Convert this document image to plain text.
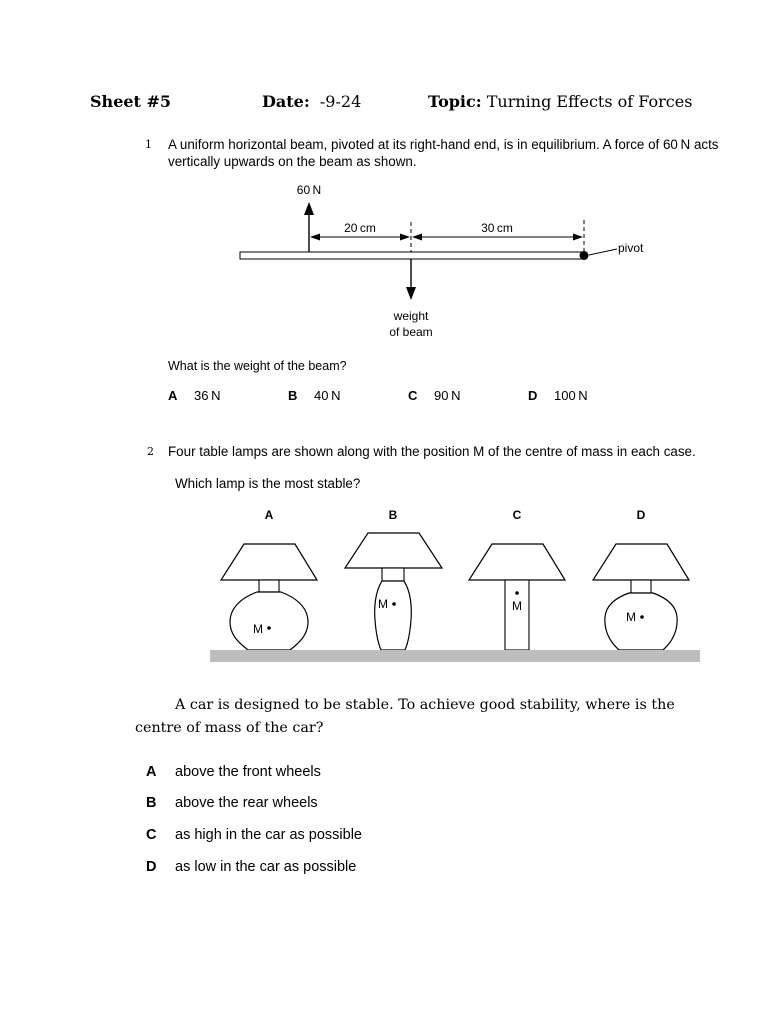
Sheet #5	Date: -9-24	Topic: Turning Effects of Forces
1 A uniform horizontal beam, pivoted at its right-hand end, is in equilibrium. A force of 60 N acts
vertically upwards on the beam as shown.
60 N
20 cm	30 cm
pivot
weight
of beam
What is the weight of the beam?
A 36 N	B 40 N	C 90 N	D 100 N
2 Four table lamps are shown along with the position M of the centre of mass in each case.
Which lamp is the most stable?
A	B	C	D
M
M	M
M
A car is designed to be stable. To achieve good stability, where is the
centre of mass of the car?
A above the front wheels
B above the rear wheels
C as high in the car as possible
D as low in the car as possible
